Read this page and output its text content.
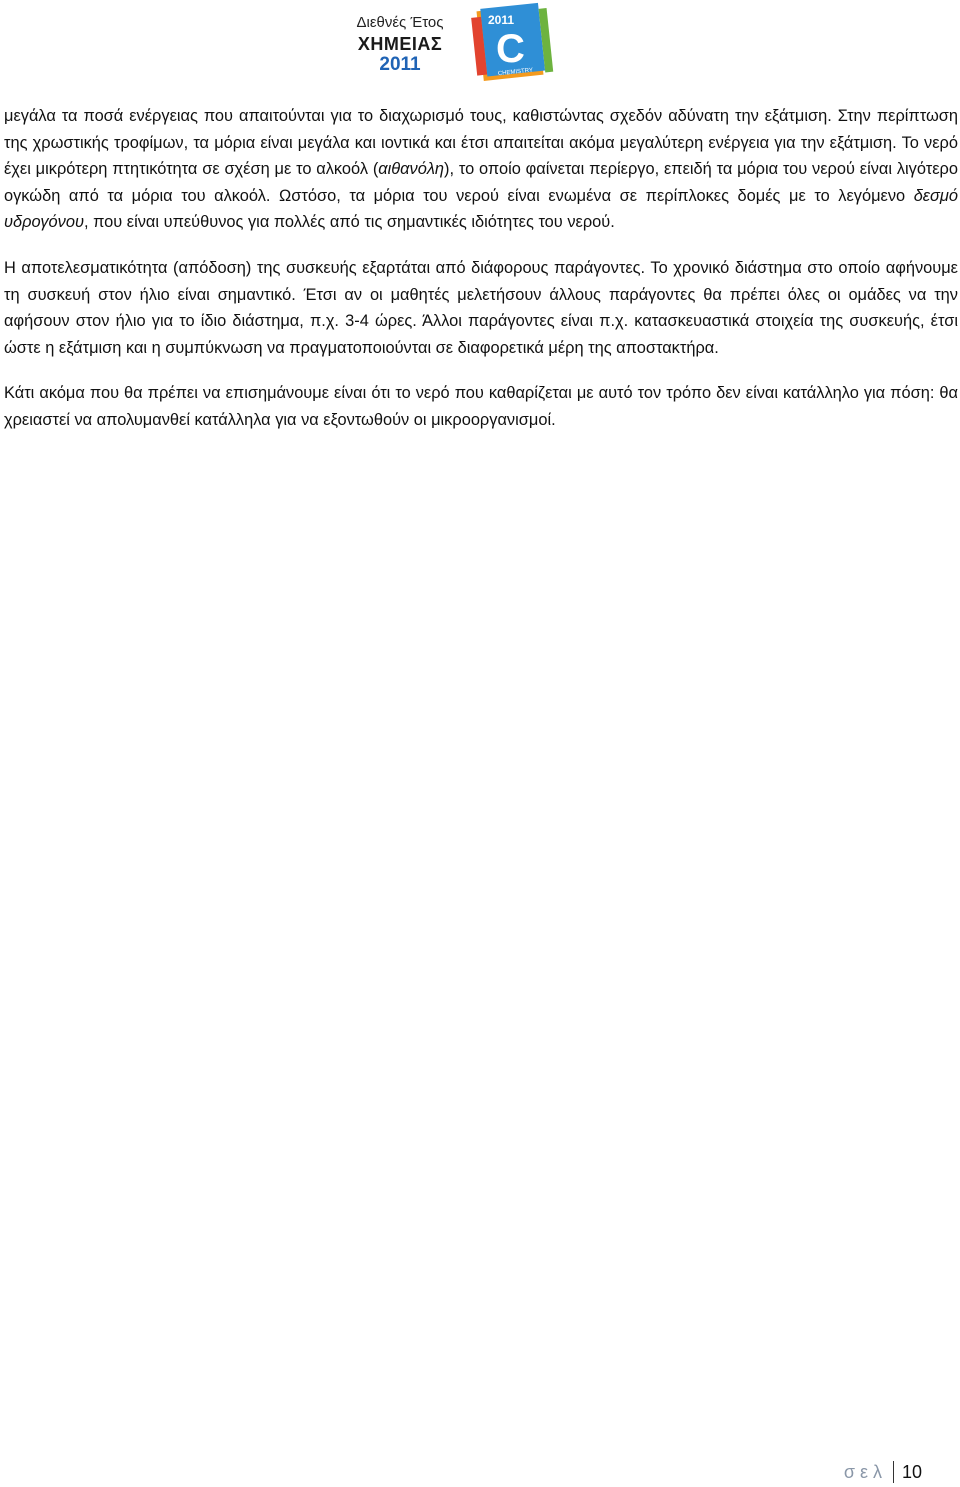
Διεθνές Έτος
ΧΗΜΕΙΑΣ
2011
2011
C
CHEMISTRY

μεγάλα τα ποσά ενέργειας που απαιτούνται για το διαχωρισμό τους, καθιστώντας σχεδόν αδύνατη την εξάτμιση. Στην περίπτωση της χρωστικής τροφίμων, τα μόρια είναι μεγάλα και ιοντικά και έτσι απαιτείται ακόμα μεγαλύτερη ενέργεια για την εξάτμιση. Το νερό έχει μικρότερη πτητικότητα σε σχέση με το αλκοόλ (αιθανόλη), το οποίο φαίνεται περίεργο, επειδή τα μόρια του νερού είναι λιγότερο ογκώδη από τα μόρια του αλκοόλ. Ωστόσο, τα μόρια του νερού είναι ενωμένα σε περίπλοκες δομές με το λεγόμενο δεσμό υδρογόνου, που είναι υπεύθυνος για πολλές από τις σημαντικές ιδιότητες του νερού.

Η αποτελεσματικότητα (απόδοση) της συσκευής εξαρτάται από διάφορους παράγοντες. Το χρονικό διάστημα στο οποίο αφήνουμε τη συσκευή στον ήλιο είναι σημαντικό. Έτσι αν οι μαθητές μελετήσουν άλλους παράγοντες θα πρέπει όλες οι ομάδες να την αφήσουν στον ήλιο για το ίδιο διάστημα, π.χ. 3-4 ώρες. Άλλοι παράγοντες είναι π.χ. κατασκευαστικά στοιχεία της συσκευής, έτσι ώστε η εξάτμιση και η συμπύκνωση να πραγματοποιούνται σε διαφορετικά μέρη της αποστακτήρα.

Κάτι ακόμα που θα πρέπει να επισημάνουμε είναι ότι το νερό που καθαρίζεται με αυτό τον τρόπο δεν είναι κατάλληλο για πόση: θα χρειαστεί να απολυμανθεί κατάλληλα για να εξοντωθούν οι μικροοργανισμοί.

σελ 10
